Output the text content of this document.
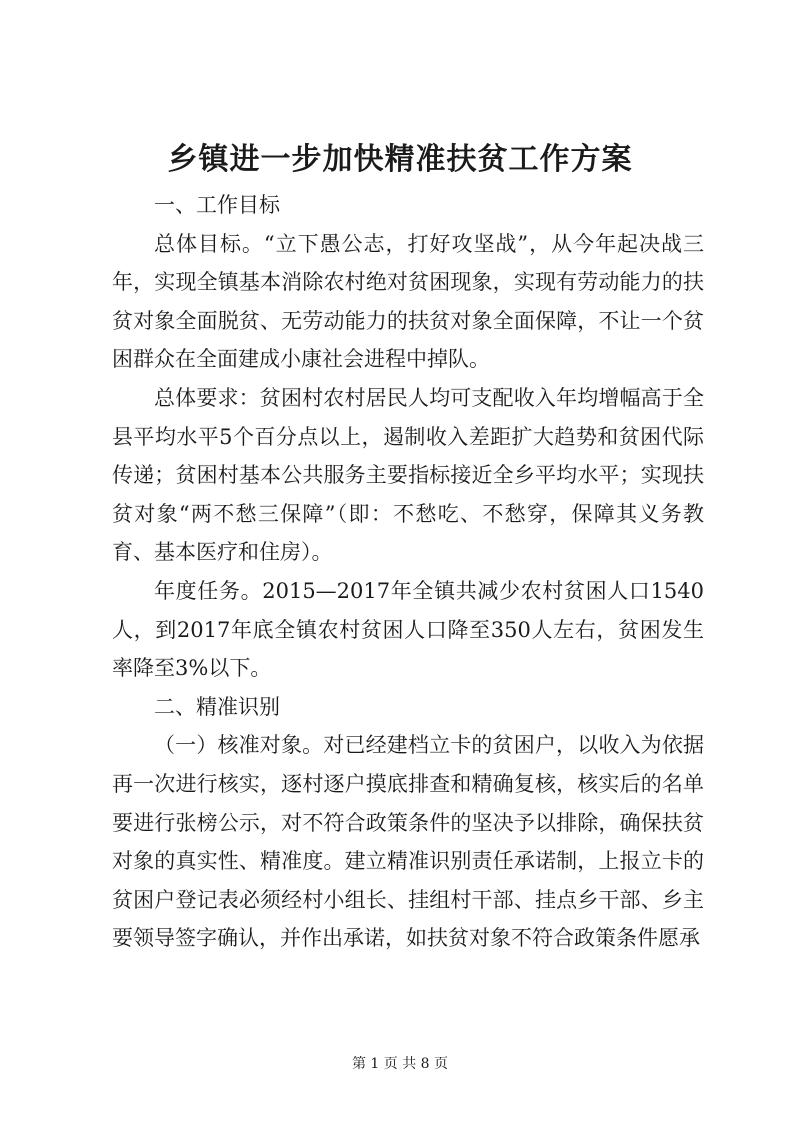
乡镇进一步加快精准扶贫工作方案

一、工作目标

总体目标。“立下愚公志，打好攻坚战”，从今年起决战三年，实现全镇基本消除农村绝对贫困现象，实现有劳动能力的扶贫对象全面脱贫、无劳动能力的扶贫对象全面保障，不让一个贫困群众在全面建成小康社会进程中掉队。

总体要求：贫困村农村居民人均可支配收入年均增幅高于全县平均水平5个百分点以上，遏制收入差距扩大趋势和贫困代际传递；贫困村基本公共服务主要指标接近全乡平均水平；实现扶贫对象“两不愁三保障”（即：不愁吃、不愁穿，保障其义务教育、基本医疗和住房）。

年度任务。2015—2017年全镇共减少农村贫困人口1540人，到2017年底全镇农村贫困人口降至350人左右，贫困发生率降至3%以下。

二、精准识别

（一）核准对象。对已经建档立卡的贫困户，以收入为依据再一次进行核实，逐村逐户摸底排查和精确复核，核实后的名单要进行张榜公示，对不符合政策条件的坚决予以排除，确保扶贫对象的真实性、精准度。建立精准识别责任承诺制，上报立卡的贫困户登记表必须经村小组长、挂组村干部、挂点乡干部、乡主要领导签字确认，并作出承诺，如扶贫对象不符合政策条件愿承

第 1 页 共 8 页
